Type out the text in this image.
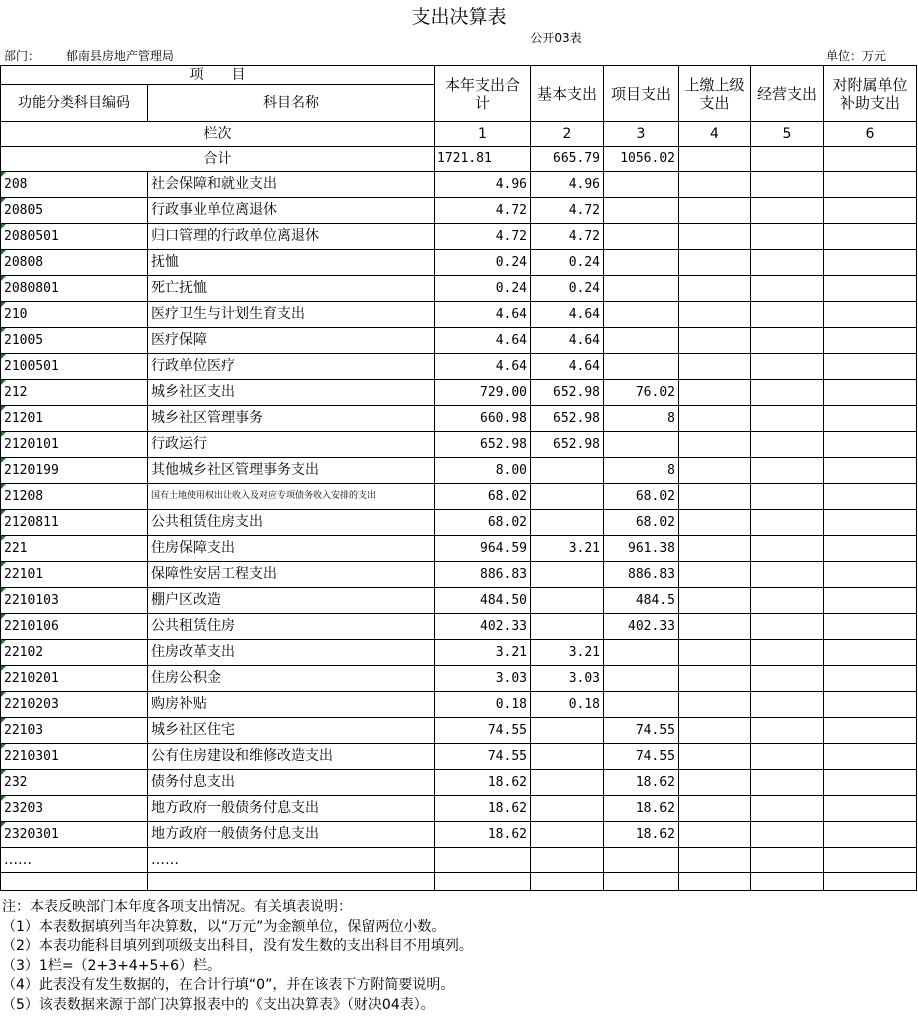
支出决算表
公开03表
部门： 郁南县房地产管理局	单位：万元
项　　目		本年支出合计	基本支出	项目支出	上缴上级支出	经营支出	对附属单位补助支出
功能分类科目编码	科目名称						
栏次		1	2	3	4	5	6
合计		1721.81	665.79	1056.02			
208	社会保障和就业支出	4.96	4.96				
20805	行政事业单位离退休	4.72	4.72				
2080501	归口管理的行政单位离退休	4.72	4.72				
20808	抚恤	0.24	0.24				
2080801	死亡抚恤	0.24	0.24				
210	医疗卫生与计划生育支出	4.64	4.64				
21005	医疗保障	4.64	4.64				
2100501	行政单位医疗	4.64	4.64				
212	城乡社区支出	729.00	652.98	76.02			
21201	城乡社区管理事务	660.98	652.98	8			
2120101	行政运行	652.98	652.98				
2120199	其他城乡社区管理事务支出	8.00		8			
21208	国有土地使用权出让收入及对应专项债务收入安排的支出	68.02		68.02			
2120811	公共租赁住房支出	68.02		68.02			
221	住房保障支出	964.59	3.21	961.38			
22101	保障性安居工程支出	886.83		886.83			
2210103	棚户区改造	484.50		484.5			
2210106	公共租赁住房	402.33		402.33			
22102	住房改革支出	3.21	3.21				
2210201	住房公积金	3.03	3.03				
2210203	购房补贴	0.18	0.18				
22103	城乡社区住宅	74.55		74.55			
2210301	公有住房建设和维修改造支出	74.55		74.55			
232	债务付息支出	18.62		18.62			
23203	地方政府一般债务付息支出	18.62		18.62			
2320301	地方政府一般债务付息支出	18.62		18.62			
……	……						

注：本表反映部门本年度各项支出情况。有关填表说明：
（1）本表数据填列当年决算数，以“万元”为金额单位，保留两位小数。
（2）本表功能科目填列到项级支出科目，没有发生数的支出科目不用填列。
（3）1栏=（2+3+4+5+6）栏。
（4）此表没有发生数据的，在合计行填“0”，并在该表下方附简要说明。
（5）该表数据来源于部门决算报表中的《支出决算表》（财决04表）。
